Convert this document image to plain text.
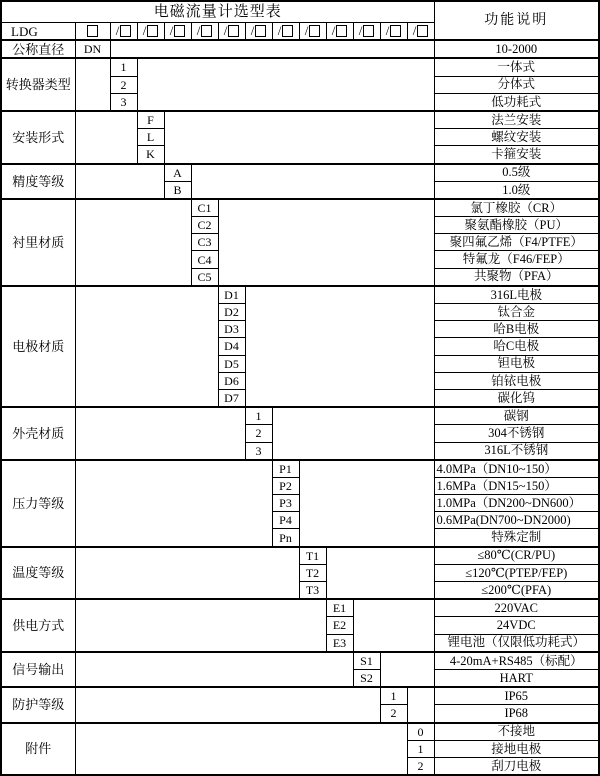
电磁流量计选型表														功能说明
LDG		/	/	/	/	/	/	/	/	/	/	/	/	
公称直径	DN													10-2000
转换器类型		1												一体式
		2												分体式
		3												低功耗式
安装形式			F											法兰安装
			L											螺纹安装
			K											卡箍安装
精度等级				A										0.5级
				B										1.0级
衬里材质					C1									氯丁橡胶（CR）
					C2									聚氨酯橡胶（PU）
					C3									聚四氟乙烯（F4/PTFE）
					C4									特氟龙（F46/FEP）
					C5									共聚物（PFA）
电极材质						D1								316L电极
						D2								钛合金
						D3								哈B电极
						D4								哈C电极
						D5								钽电极
						D6								铂铱电极
						D7								碳化钨
外壳材质							1							碳钢
							2							304不锈钢
							3							316L不锈钢
压力等级								P1						4.0MPa（DN10~150）
								P2						1.6MPa（DN15~150）
								P3						1.0MPa（DN200~DN600）
								P4						0.6MPa(DN700~DN2000)
								Pn						特殊定制
温度等级									T1					≤80℃(CR/PU)
									T2					≤120℃(PTEP/FEP)
									T3					≤200℃(PFA)
供电方式										E1				220VAC
										E2				24VDC
										E3				锂电池（仅限低功耗式）
信号输出											S1			4-20mA+RS485（标配）
											S2			HART
防护等级												1		IP65
												2		IP68
附件													0	不接地
													1	接地电极
													2	刮刀电极
